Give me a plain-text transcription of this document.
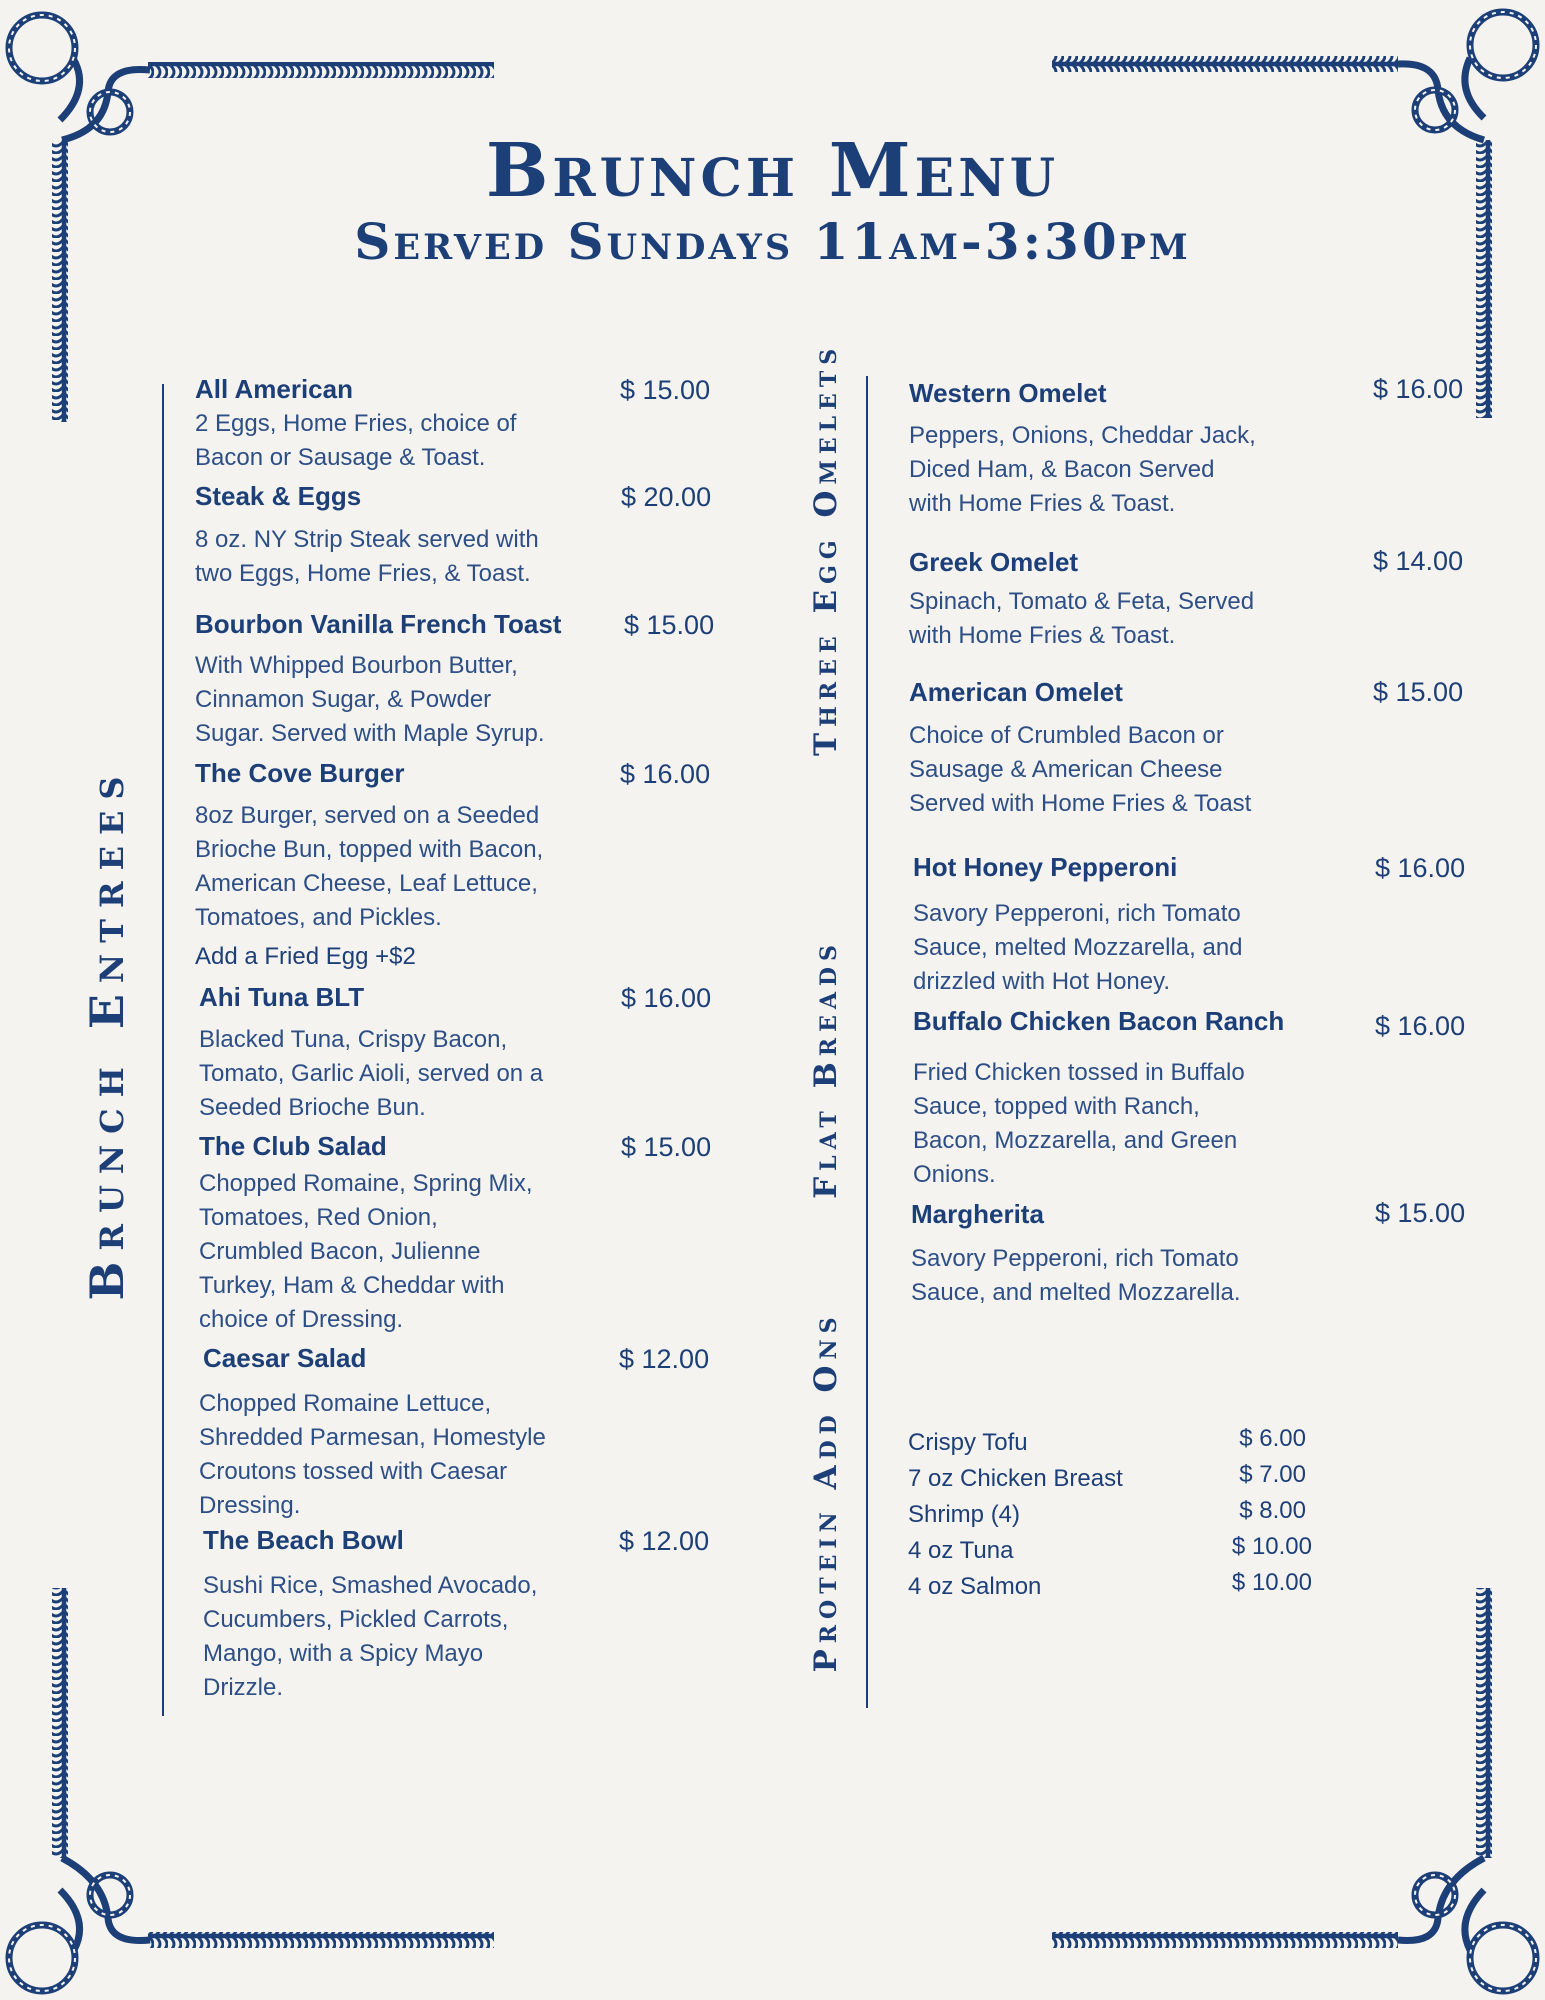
Brunch Menu
Served Sundays 11am-3:30pm
Brunch Entrees
Three Egg Omelets
Flat Breads
Protein Add Ons
All American	$ 15.00
2 Eggs, Home Fries, choice of
Bacon or Sausage & Toast.
Steak & Eggs	$ 20.00
8 oz. NY Strip Steak served with
two Eggs, Home Fries, & Toast.
Bourbon Vanilla French Toast $ 15.00
With Whipped Bourbon Butter,
Cinnamon Sugar, & Powder
Sugar. Served with Maple Syrup.
The Cove Burger	$ 16.00
8oz Burger, served on a Seeded
Brioche Bun, topped with Bacon,
American Cheese, Leaf Lettuce,
Tomatoes, and Pickles.
Add a Fried Egg +$2
Ahi Tuna BLT	$ 16.00
Blacked Tuna, Crispy Bacon,
Tomato, Garlic Aioli, served on a
Seeded Brioche Bun.
The Club Salad	$ 15.00
Chopped Romaine, Spring Mix,
Tomatoes, Red Onion,
Crumbled Bacon, Julienne
Turkey, Ham & Cheddar with
choice of Dressing.
Caesar Salad	$ 12.00
Chopped Romaine Lettuce,
Shredded Parmesan, Homestyle
Croutons tossed with Caesar
Dressing.
The Beach Bowl	$ 12.00
Sushi Rice, Smashed Avocado,
Cucumbers, Pickled Carrots,
Mango, with a Spicy Mayo
Drizzle.
Western Omelet	$ 16.00
Peppers, Onions, Cheddar Jack,
Diced Ham, & Bacon Served
with Home Fries & Toast.
Greek Omelet	$ 14.00
Spinach, Tomato & Feta, Served
with Home Fries & Toast.
American Omelet	$ 15.00
Choice of Crumbled Bacon or
Sausage & American Cheese
Served with Home Fries & Toast
Hot Honey Pepperoni	$ 16.00
Savory Pepperoni, rich Tomato
Sauce, melted Mozzarella, and
drizzled with Hot Honey.
Buffalo Chicken Bacon Ranch	$ 16.00
Fried Chicken tossed in Buffalo
Sauce, topped with Ranch,
Bacon, Mozzarella, and Green
Onions.
Margherita	$ 15.00
Savory Pepperoni, rich Tomato
Sauce, and melted Mozzarella.
Crispy Tofu	$ 6.00
7 oz Chicken Breast	$ 7.00
Shrimp (4)	$ 8.00
4 oz Tuna	$ 10.00
4 oz Salmon	$ 10.00
